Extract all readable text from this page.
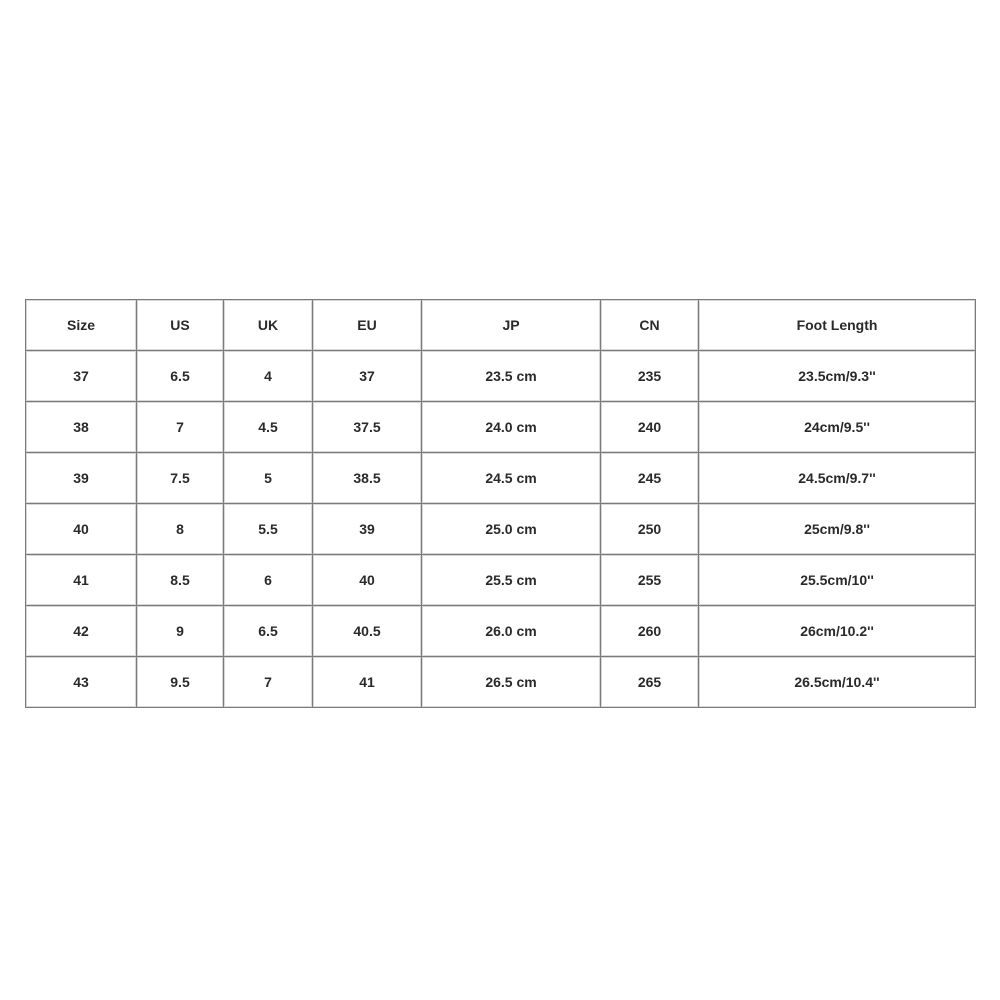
Size	US	UK	EU	JP	CN	Foot Length
37	6.5	4	37	23.5 cm	235	23.5cm/9.3''
38	7	4.5	37.5	24.0 cm	240	24cm/9.5''
39	7.5	5	38.5	24.5 cm	245	24.5cm/9.7''
40	8	5.5	39	25.0 cm	250	25cm/9.8''
41	8.5	6	40	25.5 cm	255	25.5cm/10''
42	9	6.5	40.5	26.0 cm	260	26cm/10.2''
43	9.5	7	41	26.5 cm	265	26.5cm/10.4''
